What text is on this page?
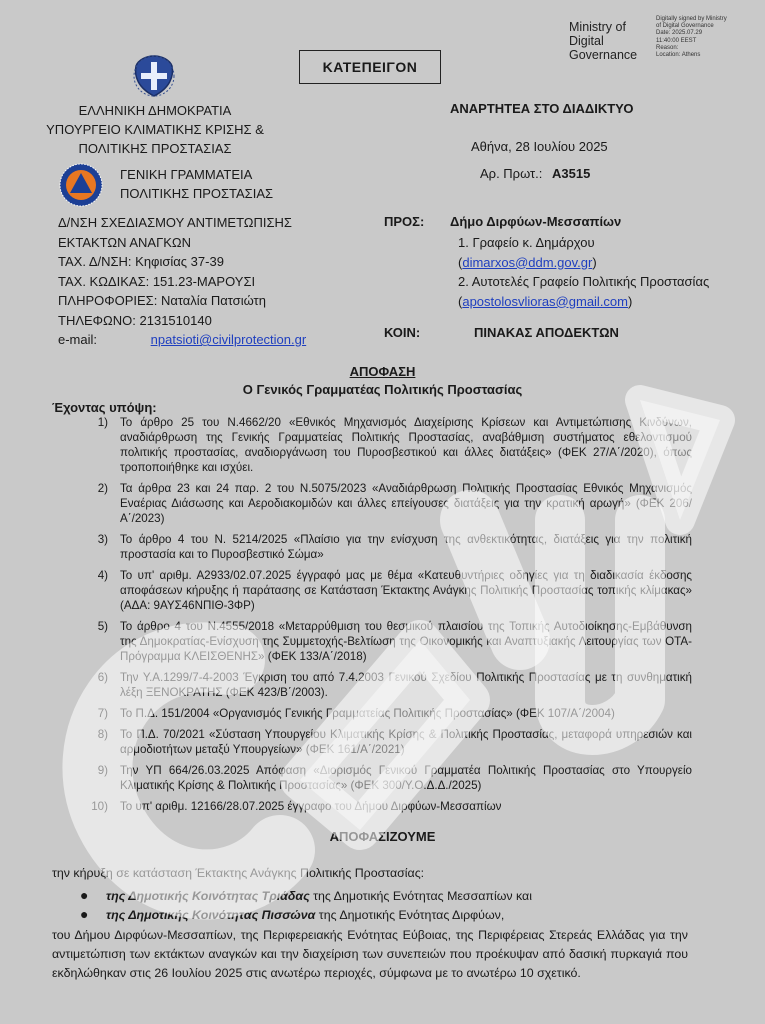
Ministry of
Digital
Governance
Digitally signed by Ministry
of Digital Governance
Date: 2025.07.29
11:40:00 EEST
Reason:
Location: Athens
ΚΑΤΕΠΕΙΓΟΝ
ΕΛΛΗΝΙΚΗ ΔΗΜΟΚΡΑΤΙΑ
ΥΠΟΥΡΓΕΙΟ ΚΛΙΜΑΤΙΚΗΣ ΚΡΙΣΗΣ &
ΠΟΛΙΤΙΚΗΣ ΠΡΟΣΤΑΣΙΑΣ
ΓΕΝΙΚΗ ΓΡΑΜΜΑΤΕΙΑ
ΠΟΛΙΤΙΚΗΣ ΠΡΟΣΤΑΣΙΑΣ
ΑΝΑΡΤΗΤΕΑ ΣΤΟ ΔΙΑΔΙΚΤΥΟ
Αθήνα, 28 Ιουλίου 2025
Αρ. Πρωτ.: Α3515
Δ/ΝΣΗ ΣΧΕΔΙΑΣΜΟΥ ΑΝΤΙΜΕΤΩΠΙΣΗΣ
ΕΚΤΑΚΤΩΝ ΑΝΑΓΚΩΝ
ΤΑΧ. Δ/ΝΣΗ: Κηφισίας 37-39
ΤΑΧ. ΚΩΔΙΚΑΣ: 151.23-ΜΑΡΟΥΣΙ
ΠΛΗΡΟΦΟΡΙΕΣ: Ναταλία Πατσιώτη
ΤΗΛΕΦΩΝΟ: 2131510140
e-mail:	npatsioti@civilprotection.gr
ΠΡΟΣ: Δήμο Διρφύων-Μεσσαπίων
1. Γραφείο κ. Δημάρχου
(dimarxos@ddm.gov.gr)
2. Αυτοτελές Γραφείο Πολιτικής Προστασίας
(apostolosvlioras@gmail.com)
ΚΟΙΝ:	ΠΙΝΑΚΑΣ ΑΠΟΔΕΚΤΩΝ
ΑΠΟΦΑΣΗ
Ο Γενικός Γραμματέας Πολιτικής Προστασίας
Έχοντας υπόψη:
1)	Το άρθρο 25 του Ν.4662/20 «Εθνικός Μηχανισμός Διαχείρισης Κρίσεων και Αντιμετώπισης Κινδύνων, αναδιάρθρωση της Γενικής Γραμματείας Πολιτικής Προστασίας, αναβάθμιση συστήματος εθελοντισμού πολιτικής προστασίας, αναδιοργάνωση του Πυροσβεστικού και άλλες διατάξεις» (ΦΕΚ 27/Α΄/2020), όπως τροποποιήθηκε και ισχύει.
2)	Τα άρθρα 23 και 24 παρ. 2 του Ν.5075/2023 «Αναδιάρθρωση Πολιτικής Προστασίας Εθνικός Μηχανισμός Εναέριας Διάσωσης και Αεροδιακομιδών και άλλες επείγουσες διατάξεις για την κρατική αρωγή» (ΦΕΚ 206/Α΄/2023)
3)	Το άρθρο 4 του Ν. 5214/2025 «Πλαίσιο για την ενίσχυση της ανθεκτικότητας, διατάξεις για την πολιτική προστασία και το Πυροσβεστικό Σώμα»
4)	Το υπ' αριθμ. Α2933/02.07.2025 έγγραφό μας με θέμα «Κατευθυντήριες οδηγίες για τη διαδικασία έκδοσης αποφάσεων κήρυξης ή παράτασης σε Κατάσταση Έκτακτης Ανάγκης Πολιτικής Προστασίας τοπικής κλίμακας» (ΑΔΑ: 9ΑΥΣ46ΝΠΙΘ-3ΦΡ)
5)	Το άρθρο 4 του Ν.4555/2018 «Μεταρρύθμιση του θεσμικού πλαισίου της Τοπικής Αυτοδιοίκησης-Εμβάθυνση της Δημοκρατίας-Ενίσχυση της Συμμετοχής-Βελτίωση της Οικονομικής και Αναπτυξιακής Λειτουργίας των ΟΤΑ-Πρόγραμμα ΚΛΕΙΣΘΕΝΗΣ» (ΦΕΚ 133/Α΄/2018)
6)	Την Υ.Α.1299/7-4-2003 Έγκριση του από 7.4.2003 Γενικού Σχεδίου Πολιτικής Προστασίας με τη συνθηματική λέξη ΞΕΝΟΚΡΑΤΗΣ (ΦΕΚ 423/Β΄/2003).
7)	Το Π.Δ. 151/2004 «Οργανισμός Γενικής Γραμματείας Πολιτικής Προστασίας» (ΦΕΚ 107/Α΄/2004)
8)	Το Π.Δ. 70/2021 «Σύσταση Υπουργείου Κλιματικής Κρίσης & Πολιτικής Προστασίας, μεταφορά υπηρεσιών και αρμοδιοτήτων μεταξύ Υπουργείων» (ΦΕΚ 161/Α΄/2021)
9)	Την ΥΠ 664/26.03.2025 Απόφαση «Διορισμός Γενικού Γραμματέα Πολιτικής Προστασίας στο Υπουργείο Κλιματικής Κρίσης & Πολιτικής Προστασίας» (ΦΕΚ 300/Υ.Ο.Δ.Δ./2025)
10)	Το υπ' αριθμ. 12166/28.07.2025 έγγραφο του Δήμου Διρφύων-Μεσσαπίων
ΑΠΟΦΑΣΙΖΟΥΜΕ
την κήρυξη σε κατάσταση Έκτακτης Ανάγκης Πολιτικής Προστασίας:
●	της Δημοτικής Κοινότητας Τριάδας της Δημοτικής Ενότητας Μεσσαπίων και
●	της Δημοτικής Κοινότητας Πισσώνα της Δημοτικής Ενότητας Διρφύων,
του Δήμου Διρφύων-Μεσσαπίων, της Περιφερειακής Ενότητας Εύβοιας, της Περιφέρειας Στερεάς Ελλάδας για την αντιμετώπιση των εκτάκτων αναγκών και την διαχείριση των συνεπειών που προέκυψαν από δασική πυρκαγιά που εκδηλώθηκαν στις 26 Ιουλίου 2025 στις ανωτέρω περιοχές, σύμφωνα με το ανωτέρω 10 σχετικό.
